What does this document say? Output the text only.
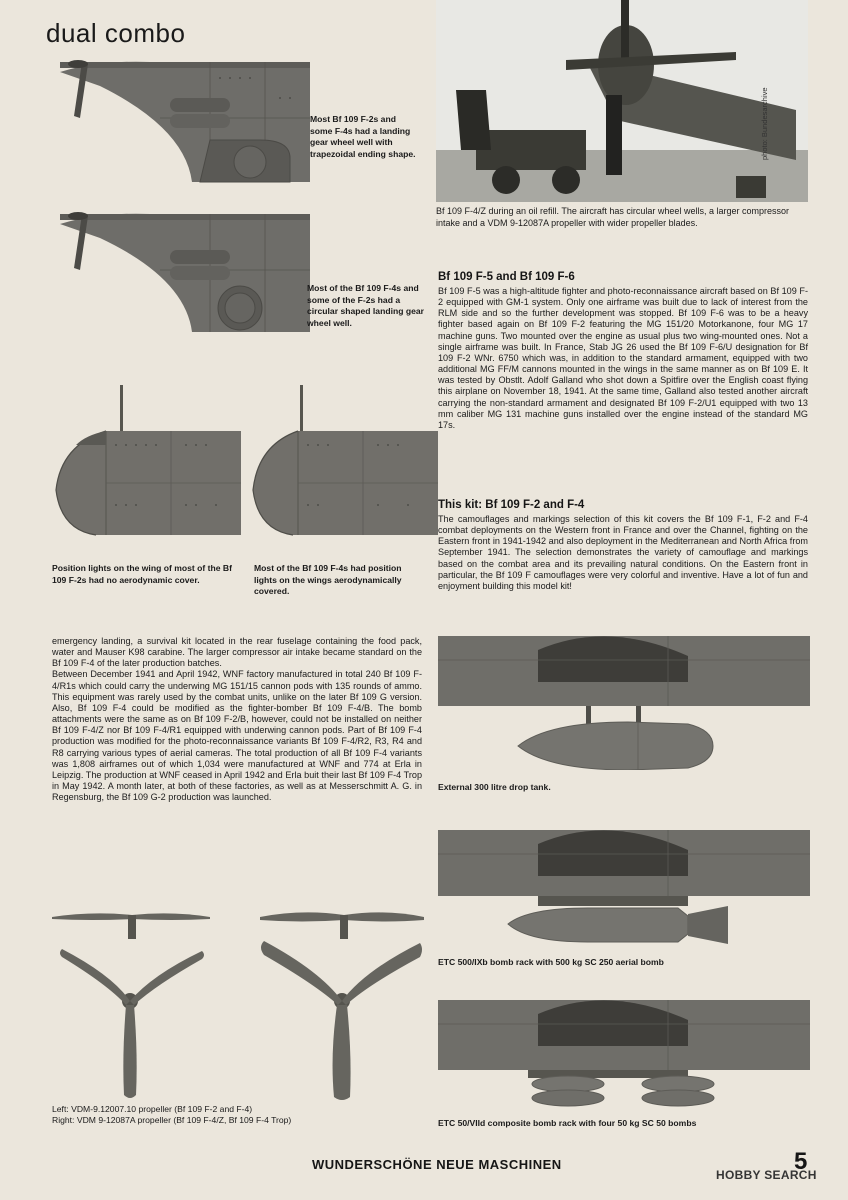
dual combo
Most Bf 109 F-2s and some F-4s had a landing gear wheel well with trapezoidal ending shape.
Most of the Bf 109 F-4s and some of the F-2s had a circular shaped landing gear wheel well.
Position lights on the wing of most of the Bf 109 F-2s had no aerodynamic cover.
Most of the Bf 109 F-4s had position lights on the wings aerodynamically covered.
photo: Bundesarchive
Bf 109 F-4/Z during an oil refill. The aircraft has circular wheel wells, a larger compressor intake and a VDM 9-12087A propeller with wider propeller blades.
Bf 109 F-5 and Bf 109 F-6
Bf 109 F-5 was a high-altitude fighter and photo-reconnaissance aircraft based on Bf 109 F-2 equipped with GM-1 system. Only one airframe was built due to lack of interest from the RLM side and so the further development was stopped. Bf 109 F-6 was to be a heavy fighter based again on Bf 109 F-2 featuring the MG 151/20 Motorkanone, four MG 17 machine guns. Two mounted over the engine as usual plus two wing-mounted ones. Not a single airframe was built. In France, Stab JG 26 used the Bf 109 F-6/U designation for Bf 109 F-2 WNr. 6750 which was, in addition to the standard armament, equipped with two additional MG FF/M cannons mounted in the wings in the same manner as on Bf 109 E. It was tested by Obstlt. Adolf Galland who shot down a Spitfire over the English coast flying this airplane on November 18, 1941. At the same time, Galland also tested another aircraft carrying the non-standard armament and designated Bf 109 F-2/U1 equipped with two 13 mm caliber MG 131 machine guns installed over the engine instead of the standard MG 17s.
This kit: Bf 109 F-2 and F-4
The camouflages and markings selection of this kit covers the Bf 109 F-1, F-2 and F-4 combat deployments on the Western front in France and over the Channel, fighting on the Eastern front in 1941-1942 and also deployment in the Mediterranean and North Africa from September 1941. The selection demonstrates the variety of camouflage and markings based on the combat area and its prevailing natural conditions. On the Eastern front in particular, the Bf 109 F camouflages were very colorful and inventive. Have a lot of fun and enjoyment building this model kit!
emergency landing, a survival kit located in the rear fuselage containing the food pack, water and Mauser K98 carabine. The larger compressor air intake became standard on the Bf 109 F-4 of the later production batches.
Between December 1941 and April 1942, WNF factory manufactured in total 240 Bf 109 F-4/R1s which could carry the underwing MG 151/15 cannon pods with 135 rounds of ammo. This equipment was rarely used by the combat units, unlike on the later Bf 109 G version. Also, Bf 109 F-4 could be modified as the fighter-bomber Bf 109 F-4/B. The bomb attachments were the same as on Bf 109 F-2/B, however, could not be installed on neither Bf 109 F-4/Z nor Bf 109 F-4/R1 equipped with underwing cannon pods. Part of Bf 109 F-4 production was modified for the photo-reconnaissance variants Bf 109 F-4/R2, R3, R4 and R8 carrying various types of aerial cameras. The total production of all Bf 109 F-4 variants was 1,808 airframes out of which 1,034 were manufactured at WNF and 774 at Erla in Leipzig. The production at WNF ceased in April 1942 and Erla buit their last Bf 109 F-4 Trop in May 1942. A month later, at both of these factories, as well as at Messerschmitt A. G. in Regensburg, the Bf 109 G-2 production was launched.
Left: VDM-9.12007.10 propeller (Bf 109 F-2 and F-4)
Right: VDM 9-12087A propeller (Bf 109 F-4/Z, Bf 109 F-4 Trop)
External 300 litre drop tank.
ETC 500/IXb bomb rack with 500 kg SC 250 aerial bomb
ETC 50/VIId composite bomb rack with four 50 kg SC 50 bombs
WUNDERSCHÖNE NEUE MASCHINEN	5
HOBBY SEARCH
